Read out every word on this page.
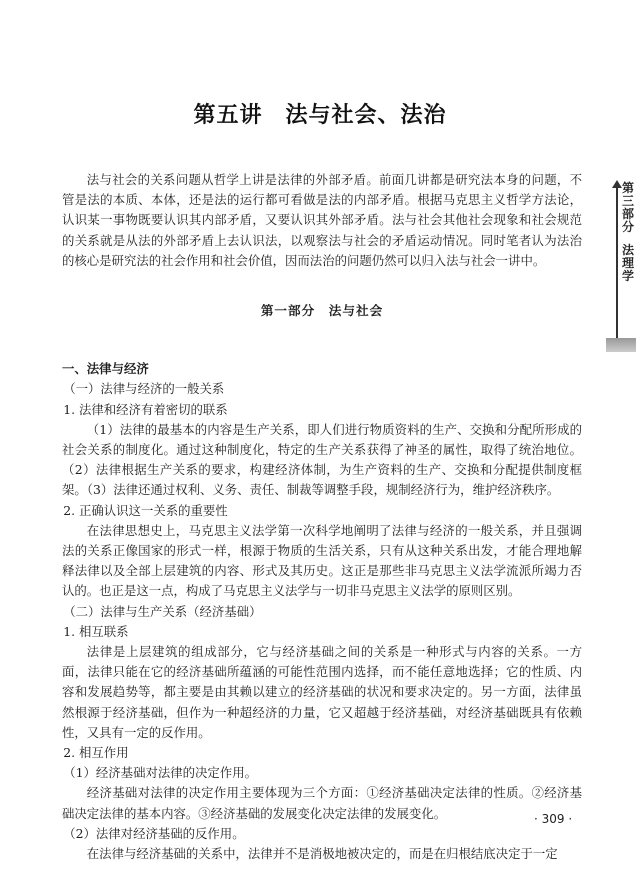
第五讲　法与社会、法治
第
三
部
分
法
理
学

法与社会的关系问题从哲学上讲是法律的外部矛盾。前面几讲都是研究法本身的问题，不管是法的本质、本体，还是法的运行都可看做是法的内部矛盾。根据马克思主义哲学方法论，认识某一事物既要认识其内部矛盾，又要认识其外部矛盾。法与社会其他社会现象和社会规范的关系就是从法的外部矛盾上去认识法，以观察法与社会的矛盾运动情况。同时笔者认为法治的核心是研究法的社会作用和社会价值，因而法治的问题仍然可以归入法与社会一讲中。

第一部分　法与社会

一、法律与经济

（一）法律与经济的一般关系

1. 法律和经济有着密切的联系

（1）法律的最基本的内容是生产关系，即人们进行物质资料的生产、交换和分配所形成的社会关系的制度化。通过这种制度化，特定的生产关系获得了神圣的属性，取得了统治地位。（2）法律根据生产关系的要求，构建经济体制，为生产资料的生产、交换和分配提供制度框架。（3）法律还通过权利、义务、责任、制裁等调整手段，规制经济行为，维护经济秩序。

2. 正确认识这一关系的重要性

在法律思想史上，马克思主义法学第一次科学地阐明了法律与经济的一般关系，并且强调法的关系正像国家的形式一样，根源于物质的生活关系，只有从这种关系出发，才能合理地解释法律以及全部上层建筑的内容、形式及其历史。这正是那些非马克思主义法学流派所竭力否认的。也正是这一点，构成了马克思主义法学与一切非马克思主义法学的原则区别。

（二）法律与生产关系（经济基础）

1. 相互联系

法律是上层建筑的组成部分，它与经济基础之间的关系是一种形式与内容的关系。一方面，法律只能在它的经济基础所蕴涵的可能性范围内选择，而不能任意地选择；它的性质、内容和发展趋势等，都主要是由其赖以建立的经济基础的状况和要求决定的。另一方面，法律虽然根源于经济基础，但作为一种超经济的力量，它又超越于经济基础，对经济基础既具有依赖性，又具有一定的反作用。

2. 相互作用

（1）经济基础对法律的决定作用。

经济基础对法律的决定作用主要体现为三个方面：①经济基础决定法律的性质。②经济基础决定法律的基本内容。③经济基础的发展变化决定法律的发展变化。

（2）法律对经济基础的反作用。

在法律与经济基础的关系中，法律并不是消极地被决定的，而是在归根结底决定于一定

· 309 ·
